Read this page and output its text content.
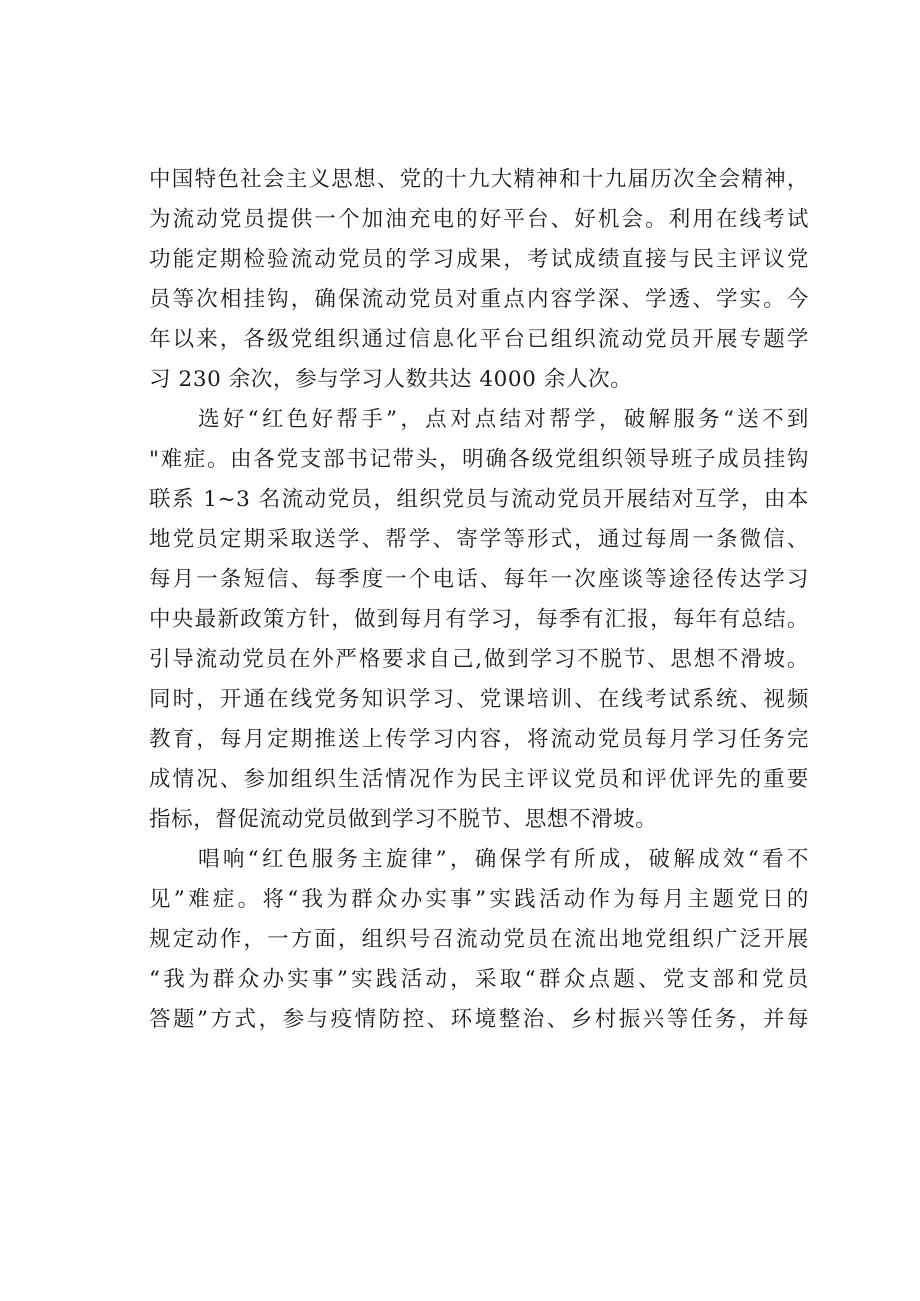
中国特色社会主义思想、党的十九大精神和十九届历次全会精神，
为流动党员提供一个加油充电的好平台、好机会。利用在线考试
功能定期检验流动党员的学习成果，考试成绩直接与民主评议党
员等次相挂钩，确保流动党员对重点内容学深、学透、学实。今
年以来，各级党组织通过信息化平台已组织流动党员开展专题学
习 230 余次，参与学习人数共达 4000 余人次。
选好“红色好帮手”，点对点结对帮学，破解服务“送不到
"难症。由各党支部书记带头，明确各级党组织领导班子成员挂钩
联系 1~3 名流动党员，组织党员与流动党员开展结对互学，由本
地党员定期采取送学、帮学、寄学等形式，通过每周一条微信、
每月一条短信、每季度一个电话、每年一次座谈等途径传达学习
中央最新政策方针，做到每月有学习，每季有汇报，每年有总结。
引导流动党员在外严格要求自己,做到学习不脱节、思想不滑坡。
同时，开通在线党务知识学习、党课培训、在线考试系统、视频
教育，每月定期推送上传学习内容，将流动党员每月学习任务完
成情况、参加组织生活情况作为民主评议党员和评优评先的重要
指标，督促流动党员做到学习不脱节、思想不滑坡。
唱响“红色服务主旋律”，确保学有所成，破解成效“看不
见”难症。将“我为群众办实事”实践活动作为每月主题党日的
规定动作，一方面，组织号召流动党员在流出地党组织广泛开展
“我为群众办实事”实践活动，采取“群众点题、党支部和党员
答题”方式，参与疫情防控、环境整治、乡村振兴等任务，并每
